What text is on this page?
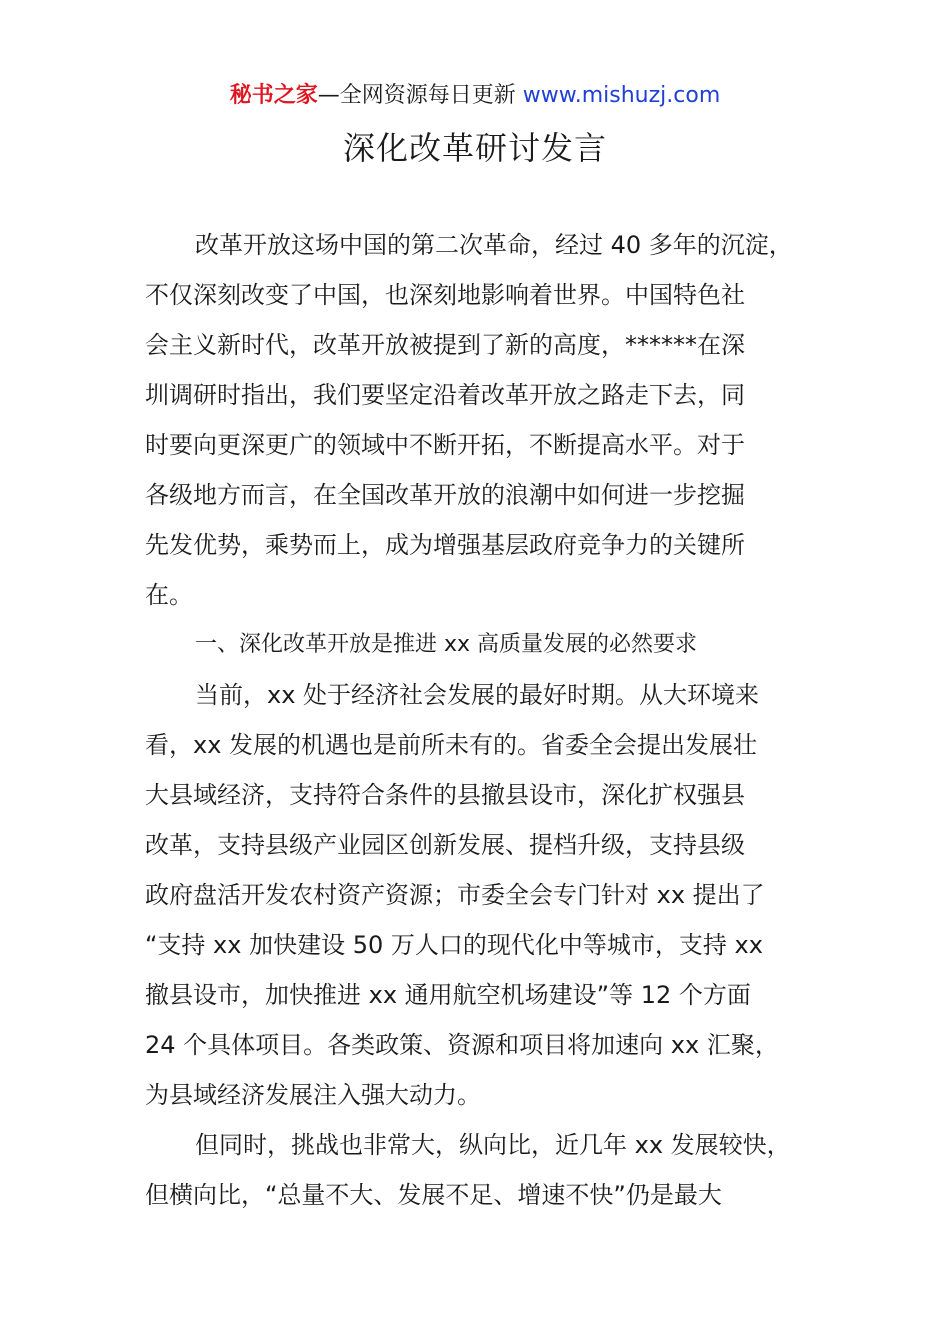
秘书之家—全网资源每日更新 www.mishuzj.com
深化改革研讨发言
改革开放这场中国的第二次革命，经过 40 多年的沉淀，
不仅深刻改变了中国，也深刻地影响着世界。中国特色社
会主义新时代，改革开放被提到了新的高度，******在深
圳调研时指出，我们要坚定沿着改革开放之路走下去，同
时要向更深更广的领域中不断开拓，不断提高水平。对于
各级地方而言，在全国改革开放的浪潮中如何进一步挖掘
先发优势，乘势而上，成为增强基层政府竞争力的关键所
在。
一、深化改革开放是推进 xx 高质量发展的必然要求
当前，xx 处于经济社会发展的最好时期。从大环境来
看，xx 发展的机遇也是前所未有的。省委全会提出发展壮
大县域经济，支持符合条件的县撤县设市，深化扩权强县
改革，支持县级产业园区创新发展、提档升级，支持县级
政府盘活开发农村资产资源；市委全会专门针对 xx 提出了
“支持 xx 加快建设 50 万人口的现代化中等城市，支持 xx
撤县设市，加快推进 xx 通用航空机场建设”等 12 个方面
24 个具体项目。各类政策、资源和项目将加速向 xx 汇聚，
为县域经济发展注入强大动力。
但同时，挑战也非常大，纵向比，近几年 xx 发展较快，
但横向比，“总量不大、发展不足、增速不快”仍是最大
